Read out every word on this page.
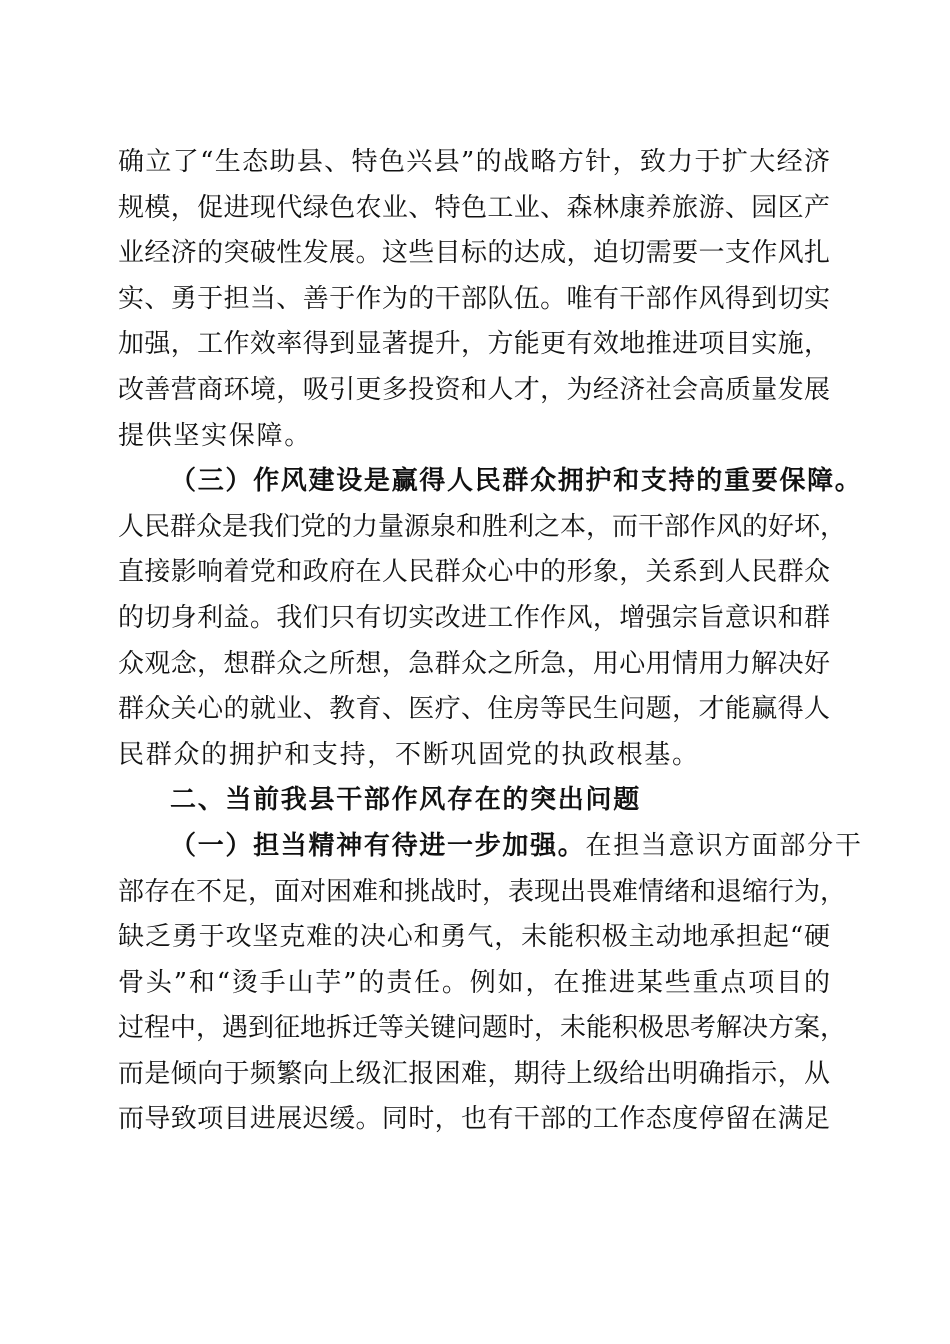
确立了“生态助县、特色兴县”的战略方针，致力于扩大经济
规模，促进现代绿色农业、特色工业、森林康养旅游、园区产
业经济的突破性发展。这些目标的达成，迫切需要一支作风扎
实、勇于担当、善于作为的干部队伍。唯有干部作风得到切实
加强，工作效率得到显著提升，方能更有效地推进项目实施，
改善营商环境，吸引更多投资和人才，为经济社会高质量发展
提供坚实保障。
（三）作风建设是赢得人民群众拥护和支持的重要保障。
人民群众是我们党的力量源泉和胜利之本，而干部作风的好坏，
直接影响着党和政府在人民群众心中的形象，关系到人民群众
的切身利益。我们只有切实改进工作作风，增强宗旨意识和群
众观念，想群众之所想，急群众之所急，用心用情用力解决好
群众关心的就业、教育、医疗、住房等民生问题，才能赢得人
民群众的拥护和支持，不断巩固党的执政根基。
二、当前我县干部作风存在的突出问题
（一）担当精神有待进一步加强。在担当意识方面部分干
部存在不足，面对困难和挑战时，表现出畏难情绪和退缩行为，
缺乏勇于攻坚克难的决心和勇气，未能积极主动地承担起“硬
骨头”和“烫手山芋”的责任。例如，在推进某些重点项目的
过程中，遇到征地拆迁等关键问题时，未能积极思考解决方案，
而是倾向于频繁向上级汇报困难，期待上级给出明确指示，从
而导致项目进展迟缓。同时，也有干部的工作态度停留在满足
